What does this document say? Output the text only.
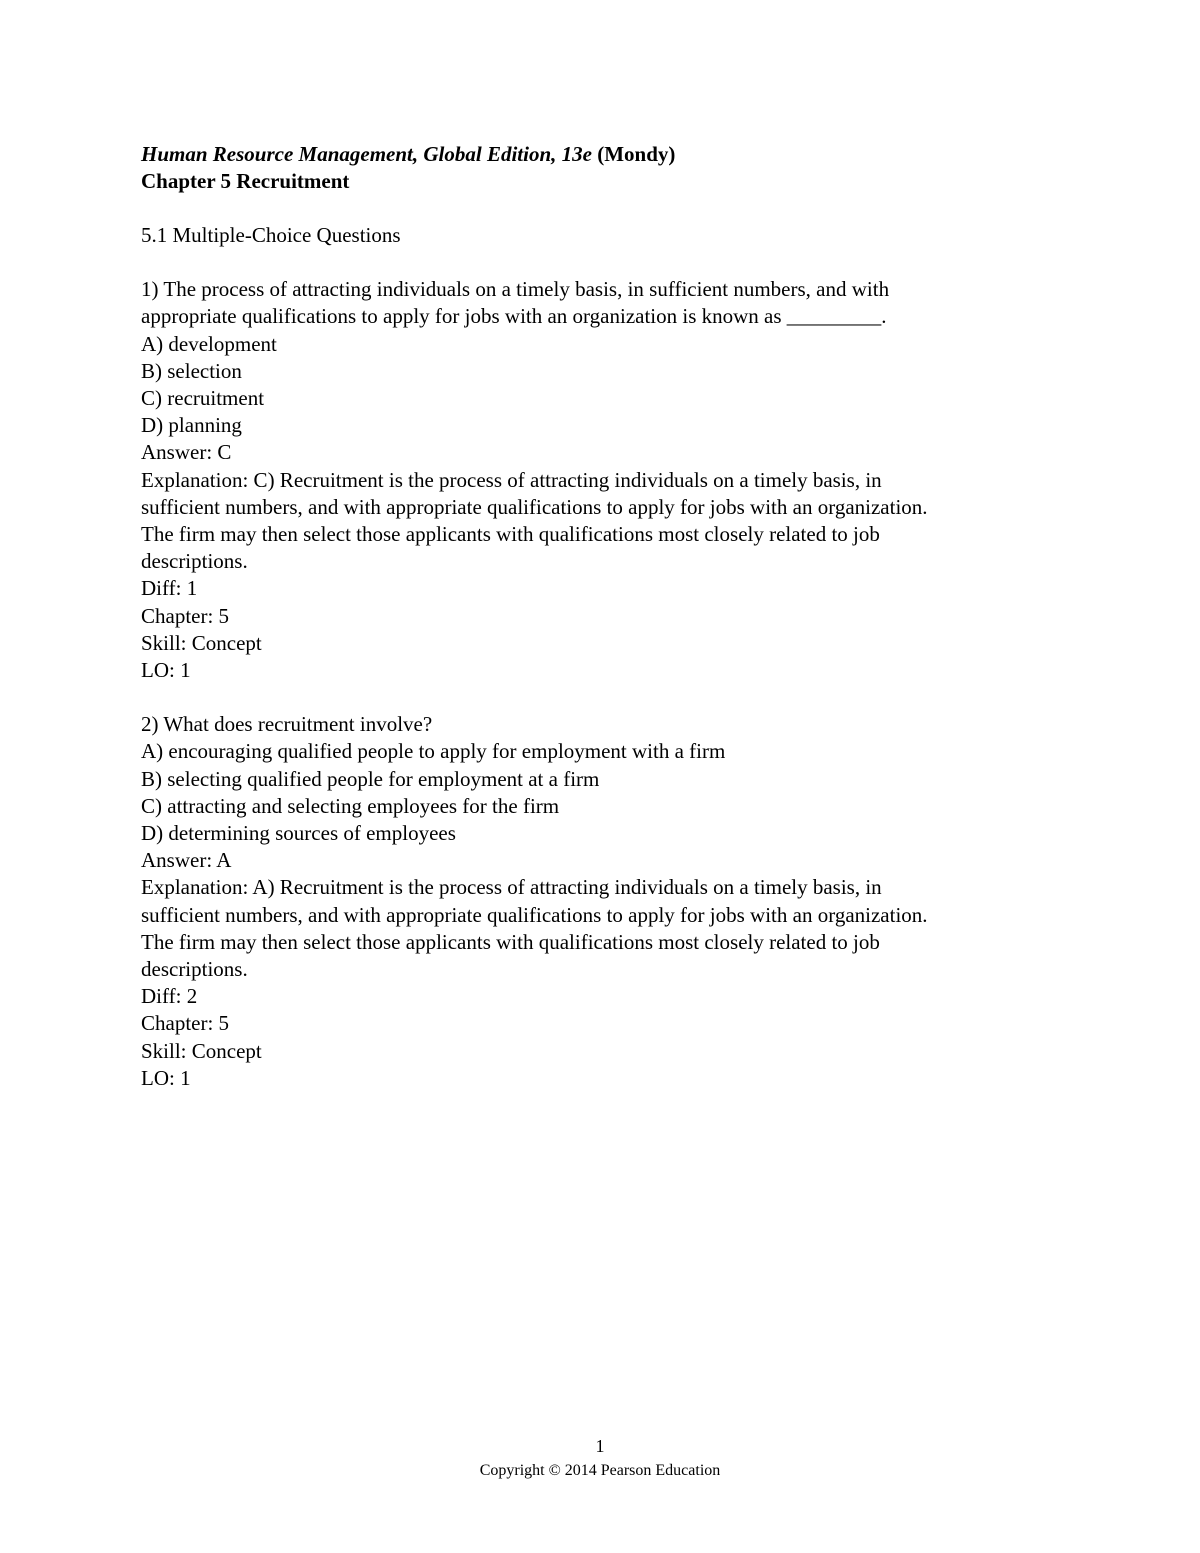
Human Resource Management, Global Edition, 13e (Mondy)

Chapter 5 Recruitment

5.1 Multiple-Choice Questions

1) The process of attracting individuals on a timely basis, in sufficient numbers, and with
appropriate qualifications to apply for jobs with an organization is known as _________.
A) development
B) selection
C) recruitment
D) planning
Answer: C
Explanation: C) Recruitment is the process of attracting individuals on a timely basis, in
sufficient numbers, and with appropriate qualifications to apply for jobs with an organization.
The firm may then select those applicants with qualifications most closely related to job
descriptions.
Diff: 1
Chapter: 5
Skill: Concept
LO: 1
2) What does recruitment involve?
A) encouraging qualified people to apply for employment with a firm
B) selecting qualified people for employment at a firm
C) attracting and selecting employees for the firm
D) determining sources of employees
Answer: A
Explanation: A) Recruitment is the process of attracting individuals on a timely basis, in
sufficient numbers, and with appropriate qualifications to apply for jobs with an organization.
The firm may then select those applicants with qualifications most closely related to job
descriptions.
Diff: 2
Chapter: 5
Skill: Concept
LO: 1
1
Copyright © 2014 Pearson Education
